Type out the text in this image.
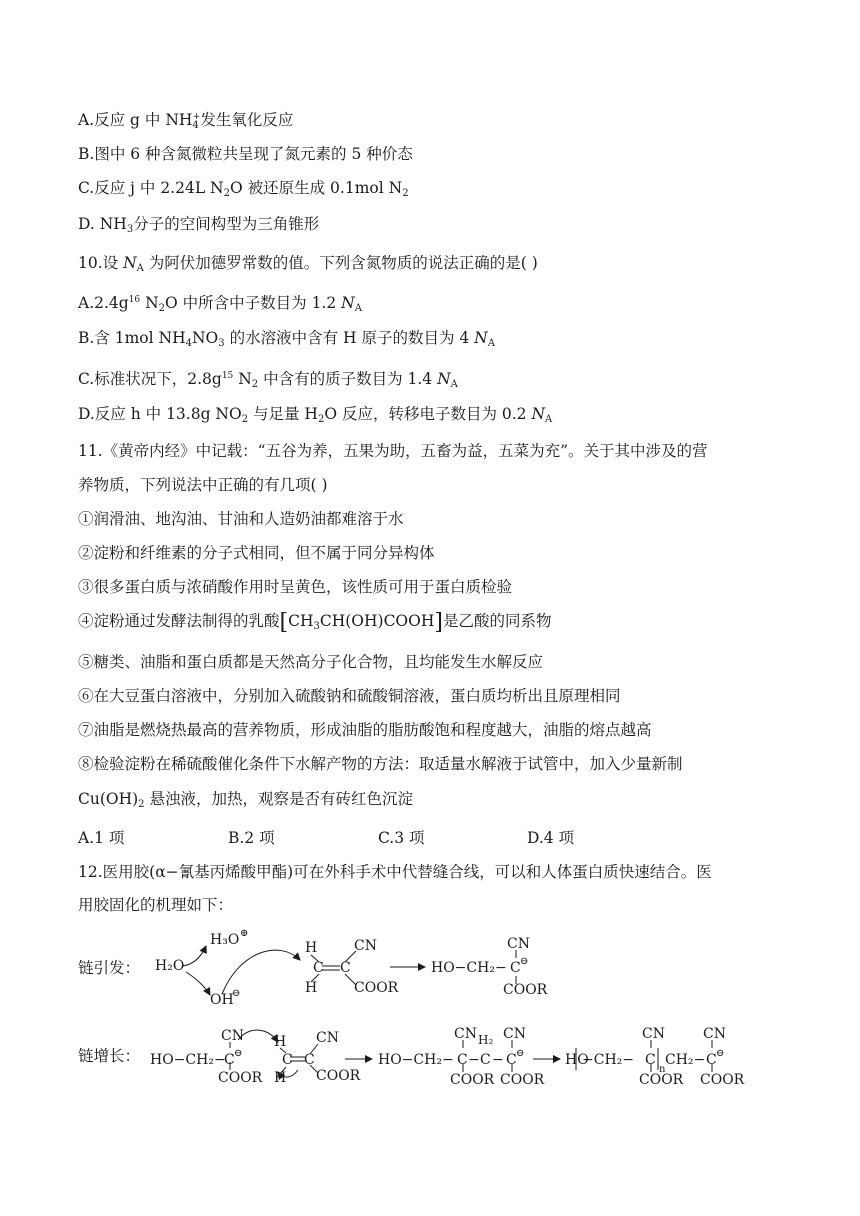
A.反应 g 中 $NH_4^+$发生氧化反应
B.图中 6 种含氮微粒共呈现了氮元素的 5 种价态
C.反应 j 中 2.24L $N_2O$ 被还原生成 0.1mol $N_2$
D. $NH_3$分子的空间构型为三角锥形
10.设 $N_A$ 为阿伏加德罗常数的值。下列含氮物质的说法正确的是( )
$A.2.4g^{16}$ $N_2O$ 中所含中子数目为 1.2 $N_A$
B.含 1mol $NH_4NO_3$ 的水溶液中含有 H 原子的数目为 4 $N_A$
C.标准状况下，$2.8g^{15}$ $N_2$ 中含有的质子数目为 1.4 $N_A$
D.反应 h 中 13.8g $NO_2$ 与足量 $H_2O$ 反应，转移电子数目为 0.2 $N_A$
11.《黄帝内经》中记载：“五谷为养，五果为助，五畜为益，五菜为充”。关于其中涉及的营
养物质，下列说法中正确的有几项( )
①润滑油、地沟油、甘油和人造奶油都难溶于水
②淀粉和纤维素的分子式相同，但不属于同分异构体
③很多蛋白质与浓硝酸作用时呈黄色，该性质可用于蛋白质检验
④淀粉通过发酵法制得的乳酸$[CH_3CH(OH)COOH]$是乙酸的同系物
⑤糖类、油脂和蛋白质都是天然高分子化合物，且均能发生水解反应
⑥在大豆蛋白溶液中，分别加入硫酸钠和硫酸铜溶液，蛋白质均析出且原理相同
⑦油脂是燃烧热最高的营养物质，形成油脂的脂肪酸饱和程度越大，油脂的熔点越高
⑧检验淀粉在稀硫酸催化条件下水解产物的方法：取适量水解液于试管中，加入少量新制
$Cu(OH)_2$ 悬浊液，加热，观察是否有砖红色沉淀
A.1 项	B.2 项	C.3 项	D.4 项
12.医用胶(α−氰基丙烯酸甲酯)可在外科手术中代替缝合线，可以和人体蛋白质快速结合。医
用胶固化的机理如下：
链引发：
链增长：
H₂O
H₃O ⊕
OH
⊖
H
H
C C
CN
COOR
HO−CH₂−
CN
C ⊖
COOR
HO−CH₂−
CN
C ⊖
COOR
H
H
C C
CN
COOR
HO−CH₂−
CN
C
COOR
H₂
− C −
CN
C ⊖
COOR
HO
−CH₂−
CN
C
COOR
n
CH₂−
CN
C ⊖
COOR
